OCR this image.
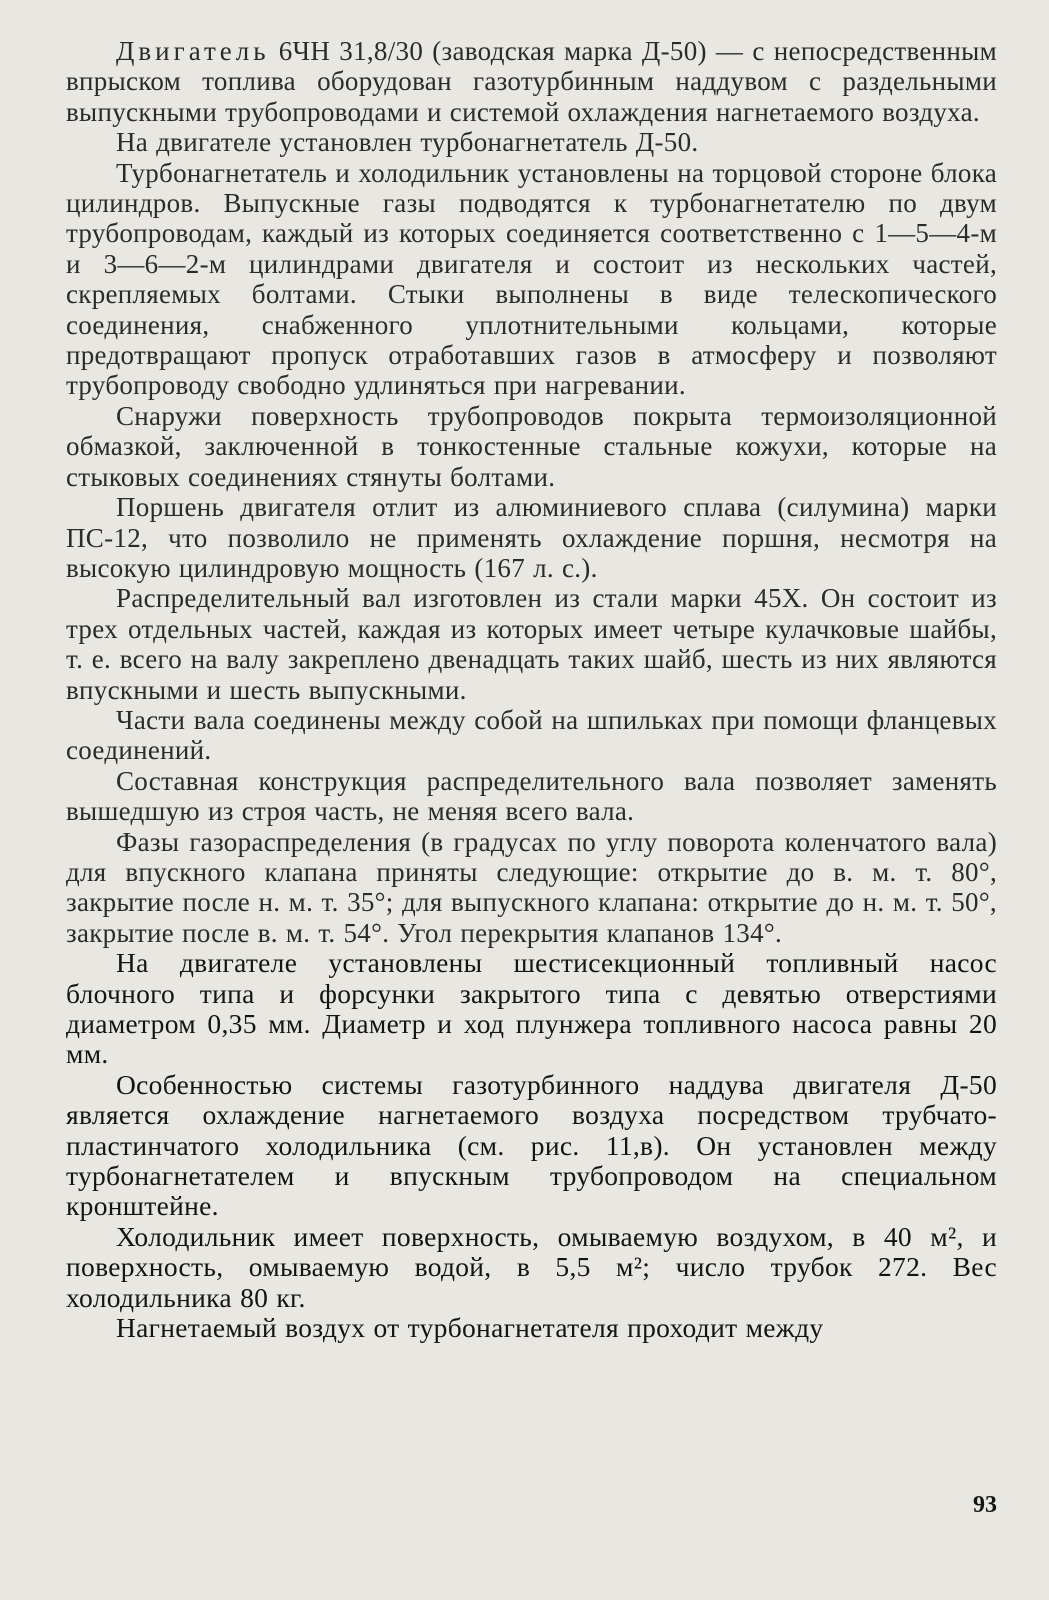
Двигатель 6ЧН 31,8/30 (заводская марка Д-50) — с непосредственным впрыском топлива оборудован газотурбинным наддувом с раздельными выпускными трубопроводами и системой охлаждения нагнетаемого воздуха.

На двигателе установлен турбонагнетатель Д-50.

Турбонагнетатель и холодильник установлены на торцовой стороне блока цилиндров. Выпускные газы подводятся к турбонагнетателю по двум трубопроводам, каждый из которых соединяется соответственно с 1—5—4-м и 3—6—2-м цилиндрами двигателя и состоит из нескольких частей, скрепляемых болтами. Стыки выполнены в виде телескопического соединения, снабженного уплотнительными кольцами, которые предотвращают пропуск отработавших газов в атмосферу и позволяют трубопроводу свободно удлиняться при нагревании.

Снаружи поверхность трубопроводов покрыта термоизоляционной обмазкой, заключенной в тонкостенные стальные кожухи, которые на стыковых соединениях стянуты болтами.

Поршень двигателя отлит из алюминиевого сплава (силумина) марки ПС-12, что позволило не применять охлаждение поршня, несмотря на высокую цилиндровую мощность (167 л. с.).

Распределительный вал изготовлен из стали марки 45Х. Он состоит из трех отдельных частей, каждая из которых имеет четыре кулачковые шайбы, т. е. всего на валу закреплено двенадцать таких шайб, шесть из них являются впускными и шесть выпускными.

Части вала соединены между собой на шпильках при помощи фланцевых соединений.

Составная конструкция распределительного вала позволяет заменять вышедшую из строя часть, не меняя всего вала.

Фазы газораспределения (в градусах по углу поворота коленчатого вала) для впускного клапана приняты следующие: открытие до в. м. т. 80°, закрытие после н. м. т. 35°; для выпускного клапана: открытие до н. м. т. 50°, закрытие после в. м. т. 54°. Угол перекрытия клапанов 134°.

На двигателе установлены шестисекционный топливный насос блочного типа и форсунки закрытого типа с девятью отверстиями диаметром 0,35 мм. Диаметр и ход плунжера топливного насоса равны 20 мм.

Особенностью системы газотурбинного наддува двигателя Д-50 является охлаждение нагнетаемого воздуха посредством трубчато-пластинчатого холодильника (см. рис. 11,в). Он установлен между турбонагнетателем и впускным трубопроводом на специальном кронштейне.

Холодильник имеет поверхность, омываемую воздухом, в 40 м², и поверхность, омываемую водой, в 5,5 м²; число трубок 272. Вес холодильника 80 кг.

Нагнетаемый воздух от турбонагнетателя проходит между

93
